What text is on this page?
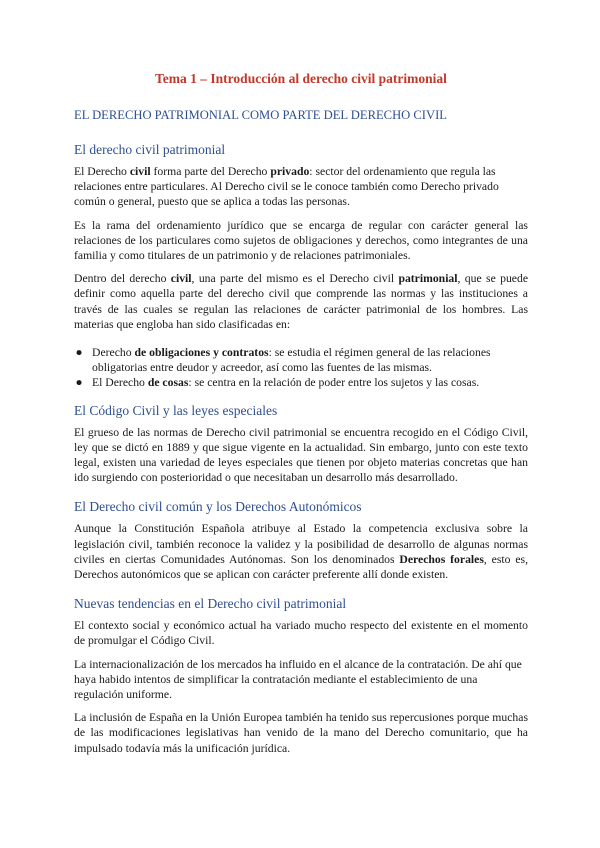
Tema 1 – Introducción al derecho civil patrimonial
EL DERECHO PATRIMONIAL COMO PARTE DEL DERECHO CIVIL
El derecho civil patrimonial

El Derecho civil forma parte del Derecho privado: sector del ordenamiento que regula las relaciones entre particulares. Al Derecho civil se le conoce también como Derecho privado común o general, puesto que se aplica a todas las personas.

Es la rama del ordenamiento jurídico que se encarga de regular con carácter general las relaciones de los particulares como sujetos de obligaciones y derechos, como integrantes de una familia y como titulares de un patrimonio y de relaciones patrimoniales.

Dentro del derecho civil, una parte del mismo es el Derecho civil patrimonial, que se puede definir como aquella parte del derecho civil que comprende las normas y las instituciones a través de las cuales se regulan las relaciones de carácter patrimonial de los hombres. Las materias que engloba han sido clasificadas en:

● Derecho de obligaciones y contratos: se estudia el régimen general de las relaciones obligatorias entre deudor y acreedor, así como las fuentes de las mismas.
● El Derecho de cosas: se centra en la relación de poder entre los sujetos y las cosas.
El Código Civil y las leyes especiales

El grueso de las normas de Derecho civil patrimonial se encuentra recogido en el Código Civil, ley que se dictó en 1889 y que sigue vigente en la actualidad. Sin embargo, junto con este texto legal, existen una variedad de leyes especiales que tienen por objeto materias concretas que han ido surgiendo con posterioridad o que necesitaban un desarrollo más desarrollado.

El Derecho civil común y los Derechos Autonómicos

Aunque la Constitución Española atribuye al Estado la competencia exclusiva sobre la legislación civil, también reconoce la validez y la posibilidad de desarrollo de algunas normas civiles en ciertas Comunidades Autónomas. Son los denominados Derechos forales, esto es, Derechos autonómicos que se aplican con carácter preferente allí donde existen.

Nuevas tendencias en el Derecho civil patrimonial

El contexto social y económico actual ha variado mucho respecto del existente en el momento de promulgar el Código Civil.

La internacionalización de los mercados ha influido en el alcance de la contratación. De ahí que haya habido intentos de simplificar la contratación mediante el establecimiento de una regulación uniforme.

La inclusión de España en la Unión Europea también ha tenido sus repercusiones porque muchas de las modificaciones legislativas han venido de la mano del Derecho comunitario, que ha impulsado todavía más la unificación jurídica.
